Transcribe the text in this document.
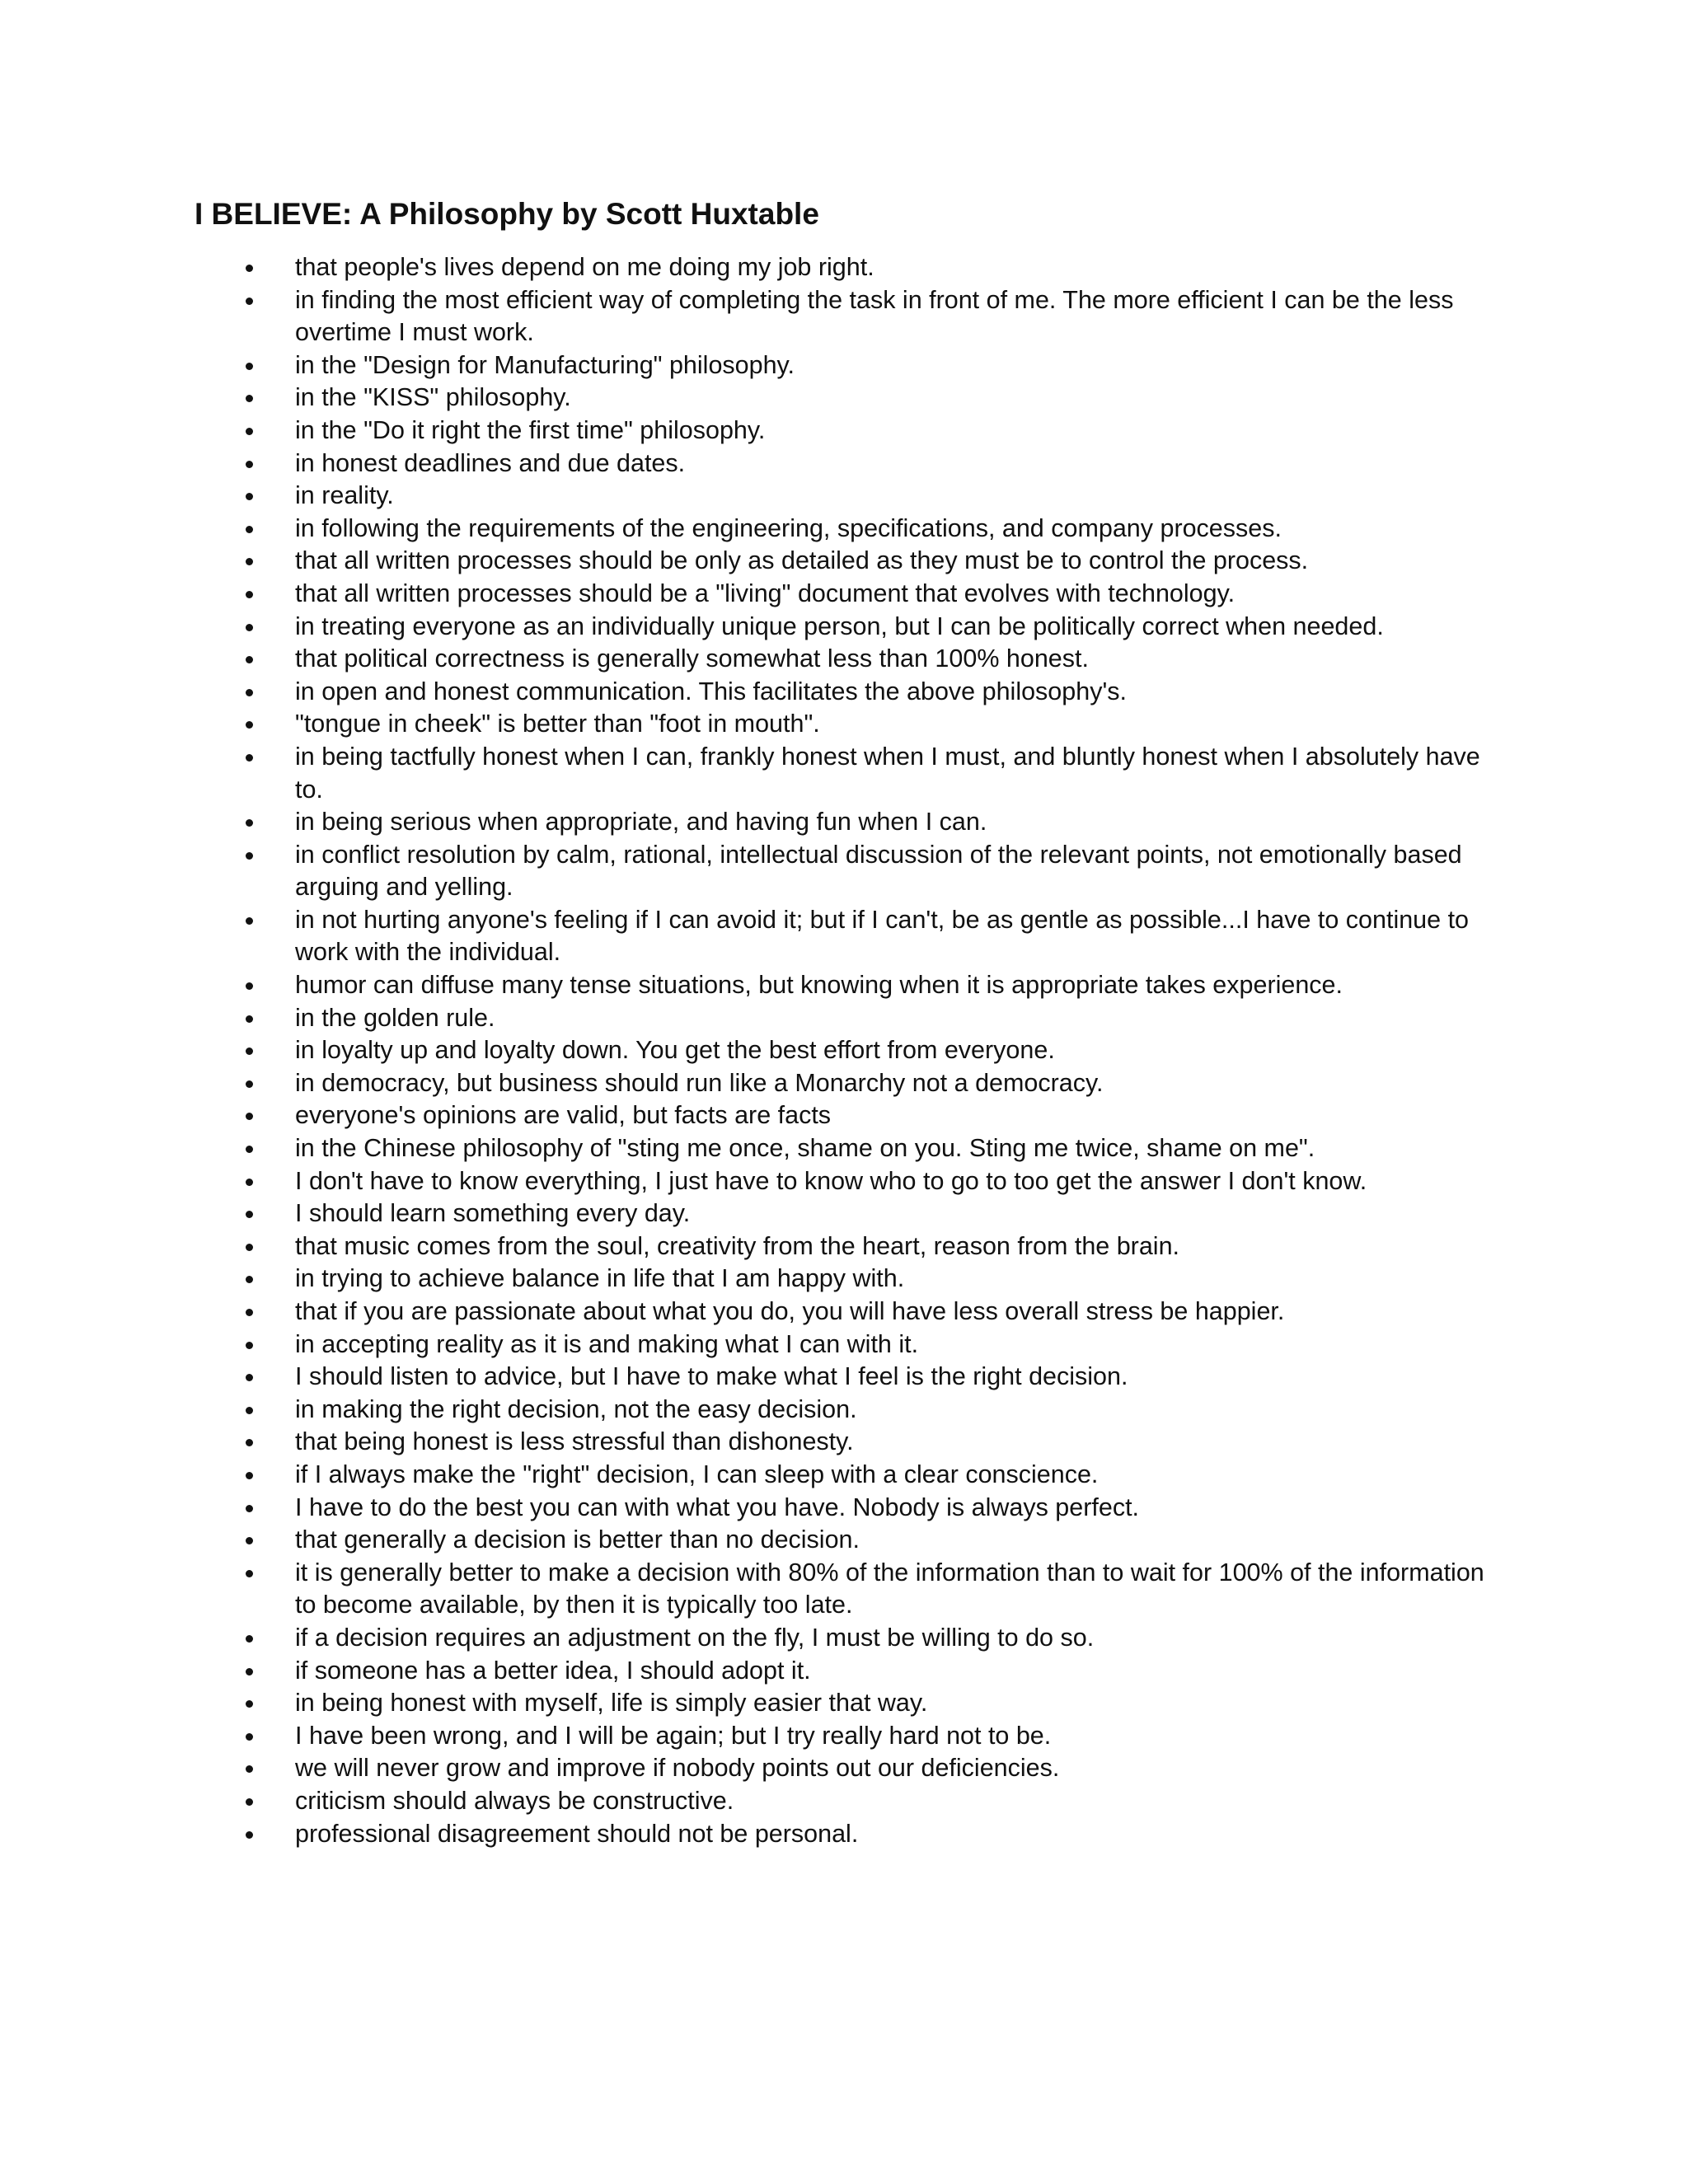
I BELIEVE: A Philosophy by Scott Huxtable
that people's lives depend on me doing my job right.
in finding the most efficient way of completing the task in front of me. The more efficient I can be the less overtime I must work.
in the "Design for Manufacturing" philosophy.
in the "KISS" philosophy.
in the "Do it right the first time" philosophy.
in honest deadlines and due dates.
in reality.
in following the requirements of the engineering, specifications, and company processes.
that all written processes should be only as detailed as they must be to control the process.
that all written processes should be a "living" document that evolves with technology.
in treating everyone as an individually unique person, but I can be politically correct when needed.
that political correctness is generally somewhat less than 100% honest.
in open and honest communication. This facilitates the above philosophy's.
"tongue in cheek" is better than "foot in mouth".
in being tactfully honest when I can, frankly honest when I must, and bluntly honest when I absolutely have to.
in being serious when appropriate, and having fun when I can.
in conflict resolution by calm, rational, intellectual discussion of the relevant points, not emotionally based arguing and yelling.
in not hurting anyone's feeling if I can avoid it; but if I can't, be as gentle as possible...I have to continue to work with the individual.
humor can diffuse many tense situations, but knowing when it is appropriate takes experience.
in the golden rule.
in loyalty up and loyalty down. You get the best effort from everyone.
in democracy, but business should run like a Monarchy not a democracy.
everyone's opinions are valid, but facts are facts
in the Chinese philosophy of "sting me once, shame on you. Sting me twice, shame on me".
I don't have to know everything, I just have to know who to go to too get the answer I don't know.
I should learn something every day.
that music comes from the soul, creativity from the heart, reason from the brain.
in trying to achieve balance in life that I am happy with.
that if you are passionate about what you do, you will have less overall stress be happier.
in accepting reality as it is and making what I can with it.
I should listen to advice, but I have to make what I feel is the right decision.
in making the right decision, not the easy decision.
that being honest is less stressful than dishonesty.
if I always make the "right" decision, I can sleep with a clear conscience.
I have to do the best you can with what you have. Nobody is always perfect.
that generally a decision is better than no decision.
it is generally better to make a decision with 80% of the information than to wait for 100% of the information to become available, by then it is typically too late.
if a decision requires an adjustment on the fly, I must be willing to do so.
if someone has a better idea, I should adopt it.
in being honest with myself, life is simply easier that way.
I have been wrong, and I will be again; but I try really hard not to be.
we will never grow and improve if nobody points out our deficiencies.
criticism should always be constructive.
professional disagreement should not be personal.
